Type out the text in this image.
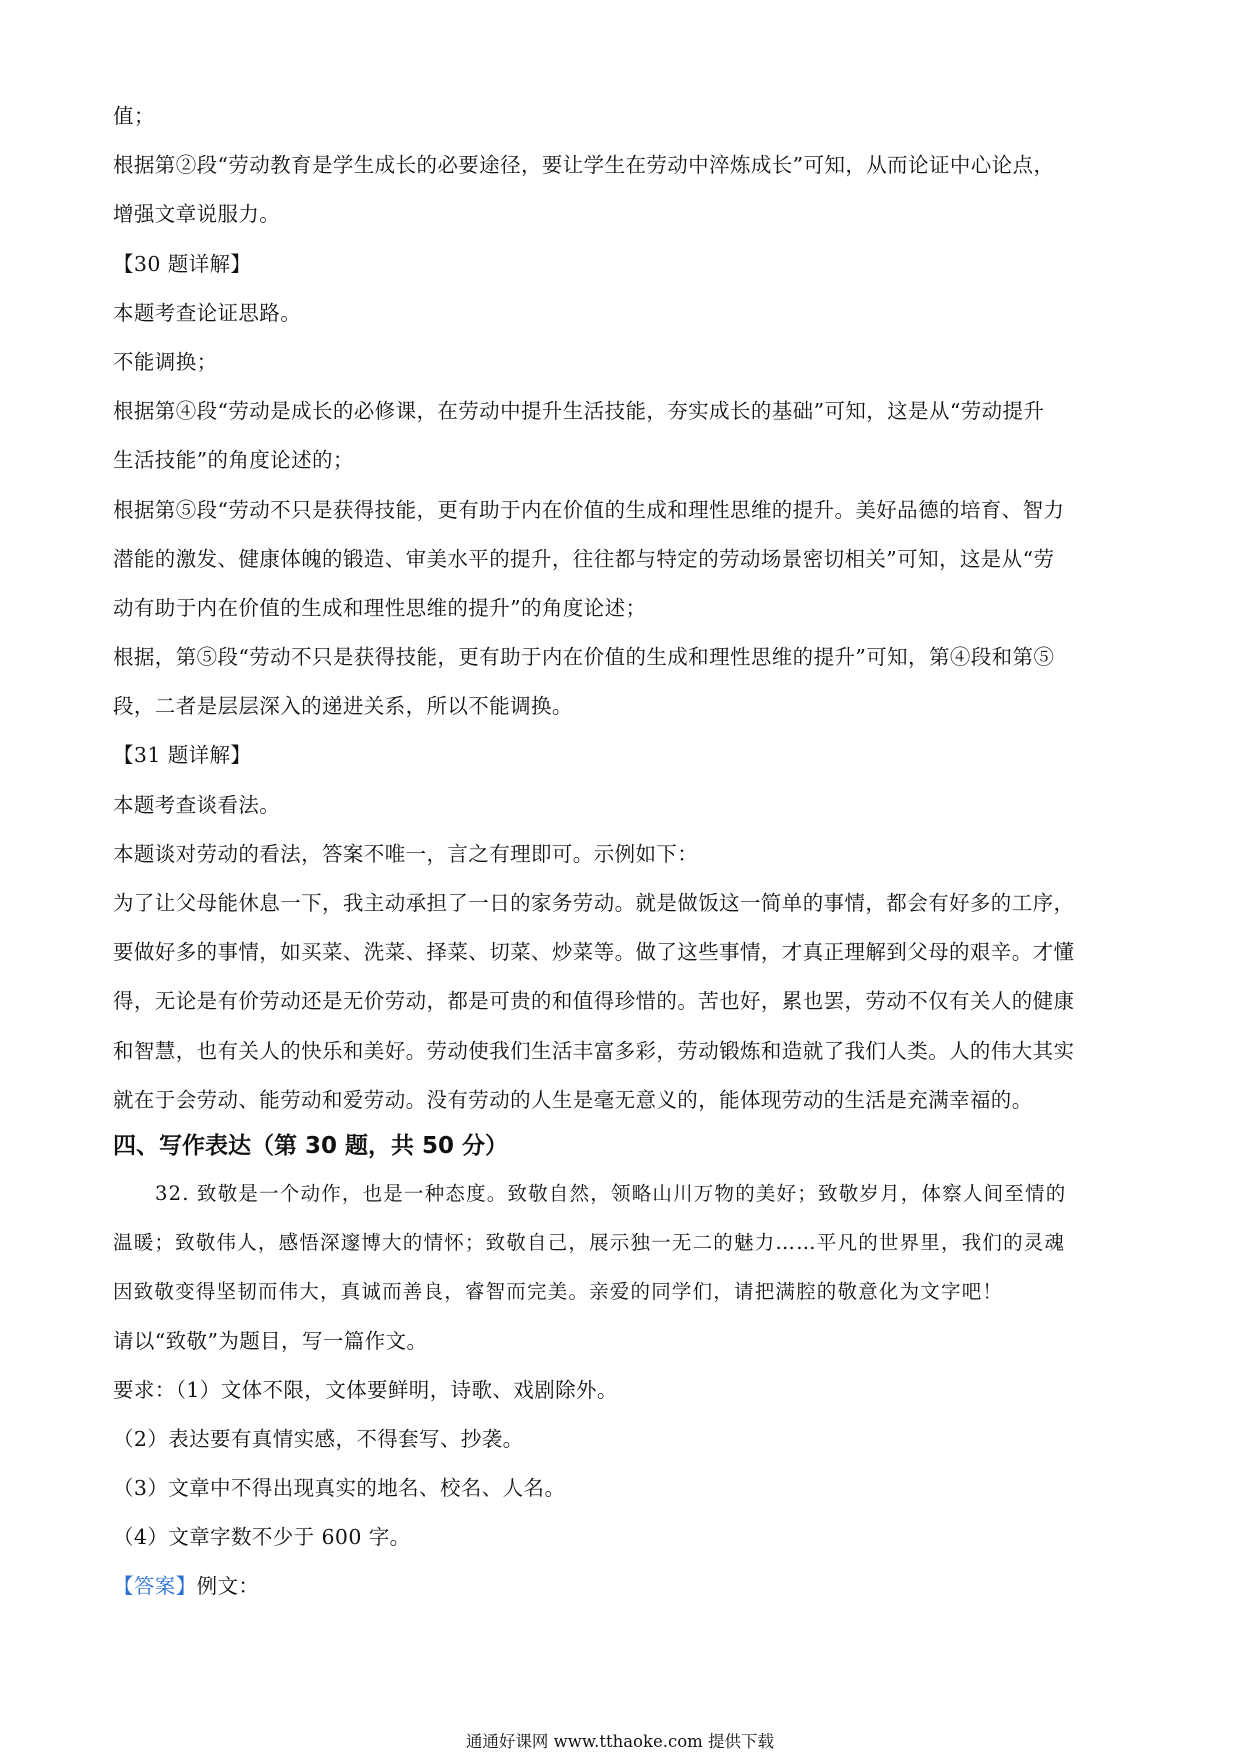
值；
根据第②段“劳动教育是学生成长的必要途径，要让学生在劳动中淬炼成长”可知，从而论证中心论点，
增强文章说服力。
【30 题详解】
本题考查论证思路。
不能调换；
根据第④段“劳动是成长的必修课，在劳动中提升生活技能，夯实成长的基础”可知，这是从“劳动提升
生活技能”的角度论述的；
根据第⑤段“劳动不只是获得技能，更有助于内在价值的生成和理性思维的提升。美好品德的培育、智力
潜能的激发、健康体魄的锻造、审美水平的提升，往往都与特定的劳动场景密切相关”可知，这是从“劳
动有助于内在价值的生成和理性思维的提升”的角度论述；
根据，第⑤段“劳动不只是获得技能，更有助于内在价值的生成和理性思维的提升”可知，第④段和第⑤
段，二者是层层深入的递进关系，所以不能调换。
【31 题详解】
本题考查谈看法。
本题谈对劳动的看法，答案不唯一，言之有理即可。示例如下：
为了让父母能休息一下，我主动承担了一日的家务劳动。就是做饭这一简单的事情，都会有好多的工序，
要做好多的事情，如买菜、洗菜、择菜、切菜、炒菜等。做了这些事情，才真正理解到父母的艰辛。才懂
得，无论是有价劳动还是无价劳动，都是可贵的和值得珍惜的。苦也好，累也罢，劳动不仅有关人的健康
和智慧，也有关人的快乐和美好。劳动使我们生活丰富多彩，劳动锻炼和造就了我们人类。人的伟大其实
就在于会劳动、能劳动和爱劳动。没有劳动的人生是毫无意义的，能体现劳动的生活是充满幸福的。
四、写作表达（第 30 题，共 50 分）
32. 致敬是一个动作，也是一种态度。致敬自然，领略山川万物的美好；致敬岁月，体察人间至情的
温暖；致敬伟人，感悟深邃博大的情怀；致敬自己，展示独一无二的魅力……平凡的世界里，我们的灵魂
因致敬变得坚韧而伟大，真诚而善良，睿智而完美。亲爱的同学们，请把满腔的敬意化为文字吧！
请以“致敬”为题目，写一篇作文。
要求：（1）文体不限，文体要鲜明，诗歌、戏剧除外。
（2）表达要有真情实感，不得套写、抄袭。
（3）文章中不得出现真实的地名、校名、人名。
（4）文章字数不少于 600 字。
【答案】例文：
通通好课网 www.tthaoke.com 提供下载
